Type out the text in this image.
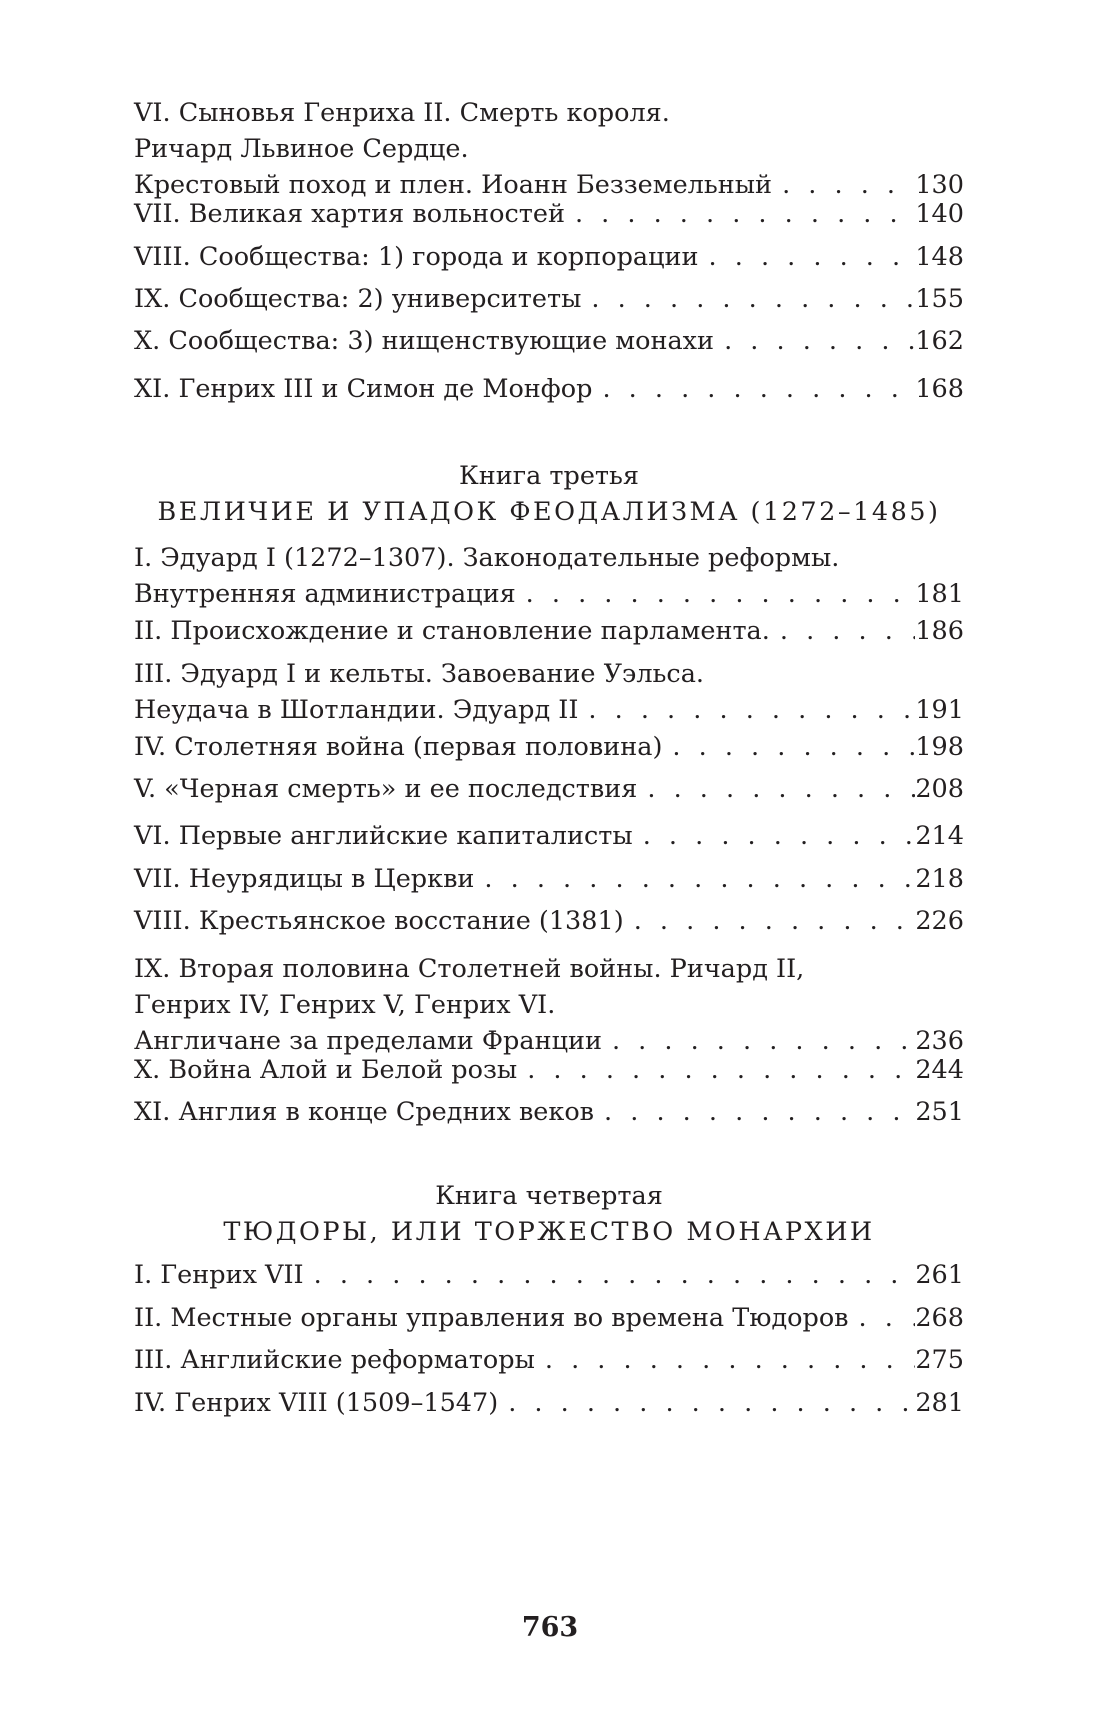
VI. Сыновья Генриха II. Смерть короля.
Ричард Львиное Сердце.
Крестовый поход и плен. Иоанн Безземельный . . .	130
VII. Великая хартия вольностей . . .	140
VIII. Сообщества: 1) города и корпорации . . .	148
IX. Сообщества: 2) университеты . . .	155
X. Сообщества: 3) нищенствующие монахи . . .	162
XI. Генрих III и Симон де Монфор . . .	168
Книга третья
ВЕЛИЧИЕ И УПАДОК ФЕОДАЛИЗМА (1272–1485)
I. Эдуард I (1272–1307). Законодательные реформы.
Внутренняя администрация . . .	181
II. Происхождение и становление парламента. . . .	186
III. Эдуард I и кельты. Завоевание Уэльса.
Неудача в Шотландии. Эдуард II . . .	191
IV. Столетняя война (первая половина) . . .	198
V. «Черная смерть» и ее последствия . . .	208
VI. Первые английские капиталисты . . .	214
VII. Неурядицы в Церкви . . .	218
VIII. Крестьянское восстание (1381) . . .	226
IX. Вторая половина Столетней войны. Ричард II,
Генрих IV, Генрих V, Генрих VI.
Англичане за пределами Франции . . .	236
X. Война Алой и Белой розы . . .	244
XI. Англия в конце Средних веков . . .	251
Книга четвертая
ТЮДОРЫ, ИЛИ ТОРЖЕСТВО МОНАРХИИ
I. Генрих VII . . .	261
II. Местные органы управления во времена Тюдоров . . .	268
III. Английские реформаторы . . .	275
IV. Генрих VIII (1509–1547) . . .	281
763
